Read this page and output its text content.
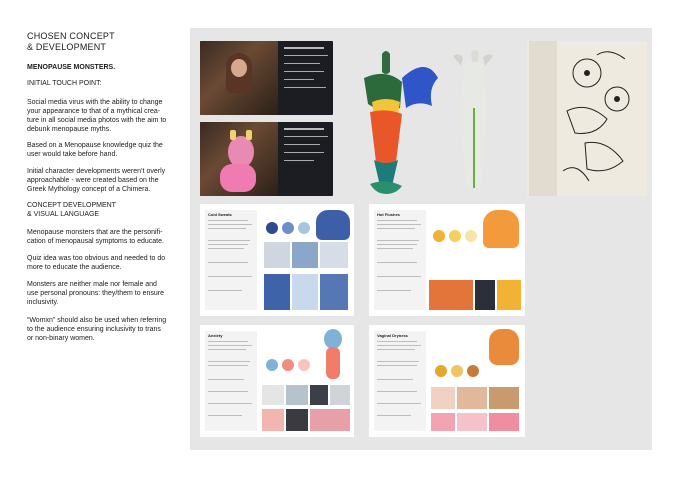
CHOSEN CONCEPT
& DEVELOPMENT
MENOPAUSE MONSTERS.
INITIAL TOUCH POINT:
Social media virus with the ability to change
your appearance to that of a mythical crea-
ture in all social media photos with the aim to
debunk menopause myths.
Based on a Menopause knowledge quiz the
user would take before hand.
Initial character developments weren’t overly
approachable - were created based on the
Greek Mythology concept of a Chimera.
CONCEPT DEVELOPMENT
& VISUAL LANGUAGE
Menopause monsters that are the personifi-
cation of menopausal symptoms to educate.
Quiz idea was too obvious and needed to do
more to educate the audience.
Monsters are neither male nor female and
use personal pronouns: they/them to ensure
inclusivity.
“Womxn” should also be used when referring
to the audience ensuring inclusivity to trans
or non-binary women.
Cold Sweats	Hot Flushes
Anxiety	Vaginal Dryness
